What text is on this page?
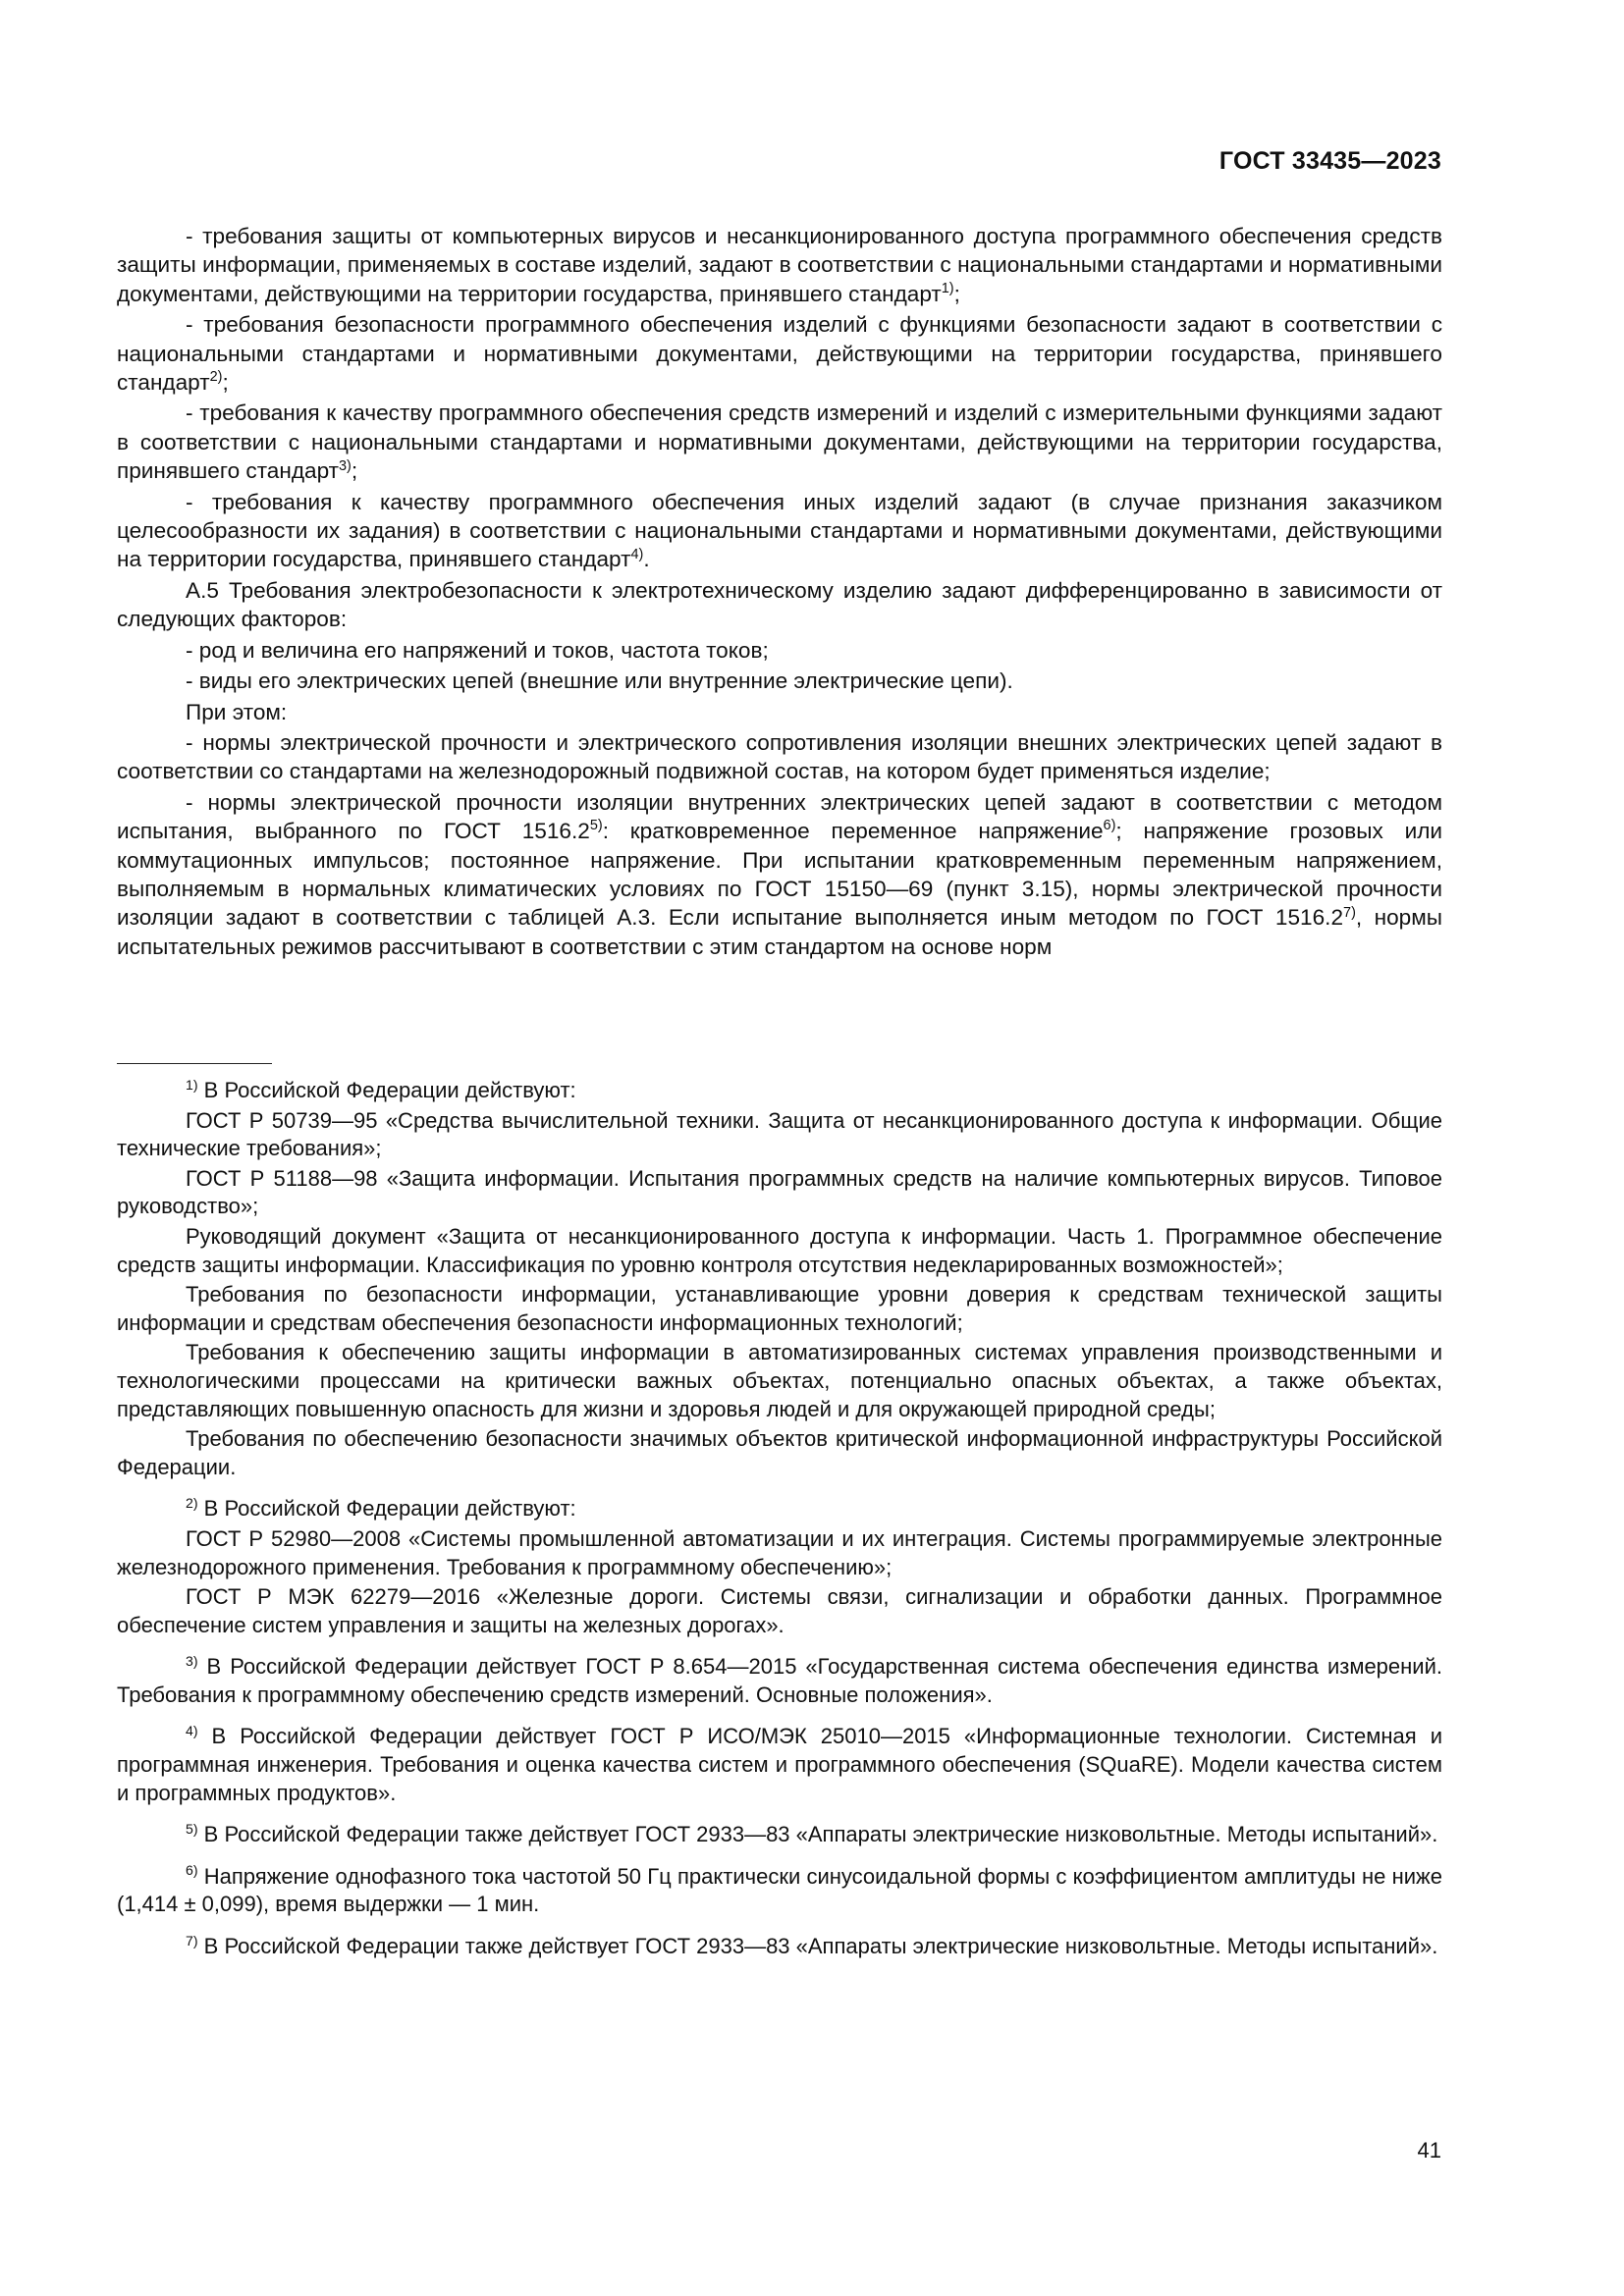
ГОСТ 33435—2023

- требования защиты от компьютерных вирусов и несанкционированного доступа программного обеспечения средств защиты информации, применяемых в составе изделий, задают в соответствии с национальными стандартами и нормативными документами, действующими на территории государства, принявшего стандарт$^{1)}$;

- требования безопасности программного обеспечения изделий с функциями безопасности задают в соответствии с национальными стандартами и нормативными документами, действующими на территории государства, принявшего стандарт$^{2)}$;

- требования к качеству программного обеспечения средств измерений и изделий с измерительными функциями задают в соответствии с национальными стандартами и нормативными документами, действующими на территории государства, принявшего стандарт$^{3)}$;

- требования к качеству программного обеспечения иных изделий задают (в случае признания заказчиком целесообразности их задания) в соответствии с национальными стандартами и нормативными документами, действующими на территории государства, принявшего стандарт$^{4)}$.

А.5 Требования электробезопасности к электротехническому изделию задают дифференцированно в зависимости от следующих факторов:

- род и величина его напряжений и токов, частота токов;

- виды его электрических цепей (внешние или внутренние электрические цепи).

При этом:

- нормы электрической прочности и электрического сопротивления изоляции внешних электрических цепей задают в соответствии со стандартами на железнодорожный подвижной состав, на котором будет применяться изделие;

- нормы электрической прочности изоляции внутренних электрических цепей задают в соответствии с методом испытания, выбранного по ГОСТ 1516.2$^{5)}$: кратковременное переменное напряжение$^{6)}$; напряжение грозовых или коммутационных импульсов; постоянное напряжение. При испытании кратковременным переменным напряжением, выполняемым в нормальных климатических условиях по ГОСТ 15150—69 (пункт 3.15), нормы электрической прочности изоляции задают в соответствии с таблицей А.3. Если испытание выполняется иным методом по ГОСТ 1516.2$^{7)}$, нормы испытательных режимов рассчитывают в соответствии с этим стандартом на основе норм

$^{1)}$ В Российской Федерации действуют:

ГОСТ Р 50739—95 «Средства вычислительной техники. Защита от несанкционированного доступа к информации. Общие технические требования»;

ГОСТ Р 51188—98 «Защита информации. Испытания программных средств на наличие компьютерных вирусов. Типовое руководство»;

Руководящий документ «Защита от несанкционированного доступа к информации. Часть 1. Программное обеспечение средств защиты информации. Классификация по уровню контроля отсутствия недекларированных возможностей»;

Требования по безопасности информации, устанавливающие уровни доверия к средствам технической защиты информации и средствам обеспечения безопасности информационных технологий;

Требования к обеспечению защиты информации в автоматизированных системах управления производственными и технологическими процессами на критически важных объектах, потенциально опасных объектах, а также объектах, представляющих повышенную опасность для жизни и здоровья людей и для окружающей природной среды;

Требования по обеспечению безопасности значимых объектов критической информационной инфраструктуры Российской Федерации.

$^{2)}$ В Российской Федерации действуют:

ГОСТ Р 52980—2008 «Системы промышленной автоматизации и их интеграция. Системы программируемые электронные железнодорожного применения. Требования к программному обеспечению»;

ГОСТ Р МЭК 62279—2016 «Железные дороги. Системы связи, сигнализации и обработки данных. Программное обеспечение систем управления и защиты на железных дорогах».

$^{3)}$ В Российской Федерации действует ГОСТ Р 8.654—2015 «Государственная система обеспечения единства измерений. Требования к программному обеспечению средств измерений. Основные положения».

$^{4)}$ В Российской Федерации действует ГОСТ Р ИСО/МЭК 25010—2015 «Информационные технологии. Системная и программная инженерия. Требования и оценка качества систем и программного обеспечения (SQuaRE). Модели качества систем и программных продуктов».

$^{5)}$ В Российской Федерации также действует ГОСТ 2933—83 «Аппараты электрические низковольтные. Методы испытаний».

$^{6)}$ Напряжение однофазного тока частотой 50 Гц практически синусоидальной формы с коэффициентом амплитуды не ниже (1,414 ± 0,099), время выдержки — 1 мин.

$^{7)}$ В Российской Федерации также действует ГОСТ 2933—83 «Аппараты электрические низковольтные. Методы испытаний».

41
